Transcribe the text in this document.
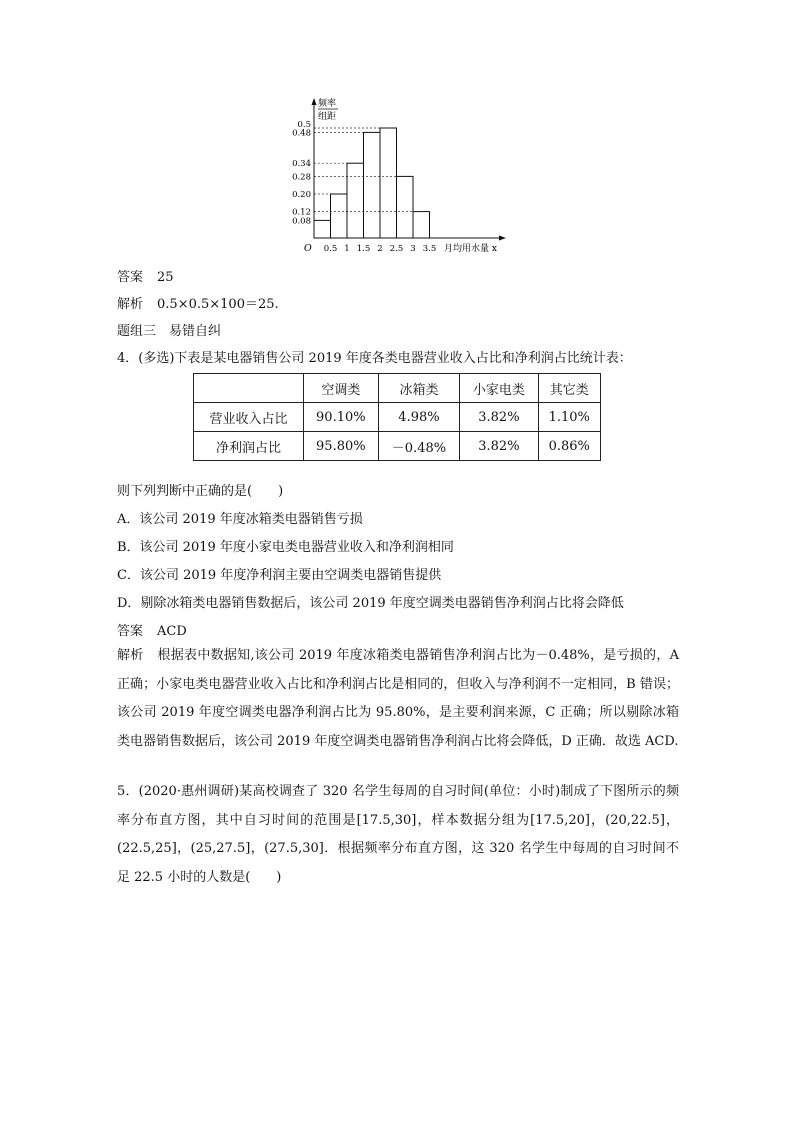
0.08
0.12
0.20
0.28
0.34
0.48
0.5
0.5 1 1.5 2 2.5 3 3.5
频率
组距
O	月均用水量 x
答案 25
解析 0.5×0.5×100＝25.
题组三　易错自纠
4．(多选)下表是某电器销售公司 2019 年度各类电器营业收入占比和净利润占比统计表：
	空调类	冰箱类	小家电类	其它类
营业收入占比	90.10%	4.98%	3.82%	1.10%
净利润占比	95.80%	－0.48%	3.82%	0.86%
则下列判断中正确的是(　　)
A．该公司 2019 年度冰箱类电器销售亏损
B．该公司 2019 年度小家电类电器营业收入和净利润相同
C．该公司 2019 年度净利润主要由空调类电器销售提供
D．剔除冰箱类电器销售数据后，该公司 2019 年度空调类电器销售净利润占比将会降低
答案 ACD
解析 根据表中数据知,该公司 2019 年度冰箱类电器销售净利润占比为－0.48%，是亏损的，A 正确；小家电类电器营业收入占比和净利润占比是相同的，但收入与净利润不一定相同，B 错误；该公司 2019 年度空调类电器净利润占比为 95.80%，是主要利润来源，C 正确；所以剔除冰箱类电器销售数据后，该公司 2019 年度空调类电器销售净利润占比将会降低，D 正确．故选 ACD.
5．(2020·惠州调研)某高校调查了 320 名学生每周的自习时间(单位：小时)制成了下图所示的频率分布直方图，其中自习时间的范围是[17.5,30]，样本数据分组为[17.5,20]，(20,22.5]，(22.5,25]，(25,27.5]，(27.5,30]．根据频率分布直方图，这 320 名学生中每周的自习时间不足 22.5 小时的人数是(　　)
